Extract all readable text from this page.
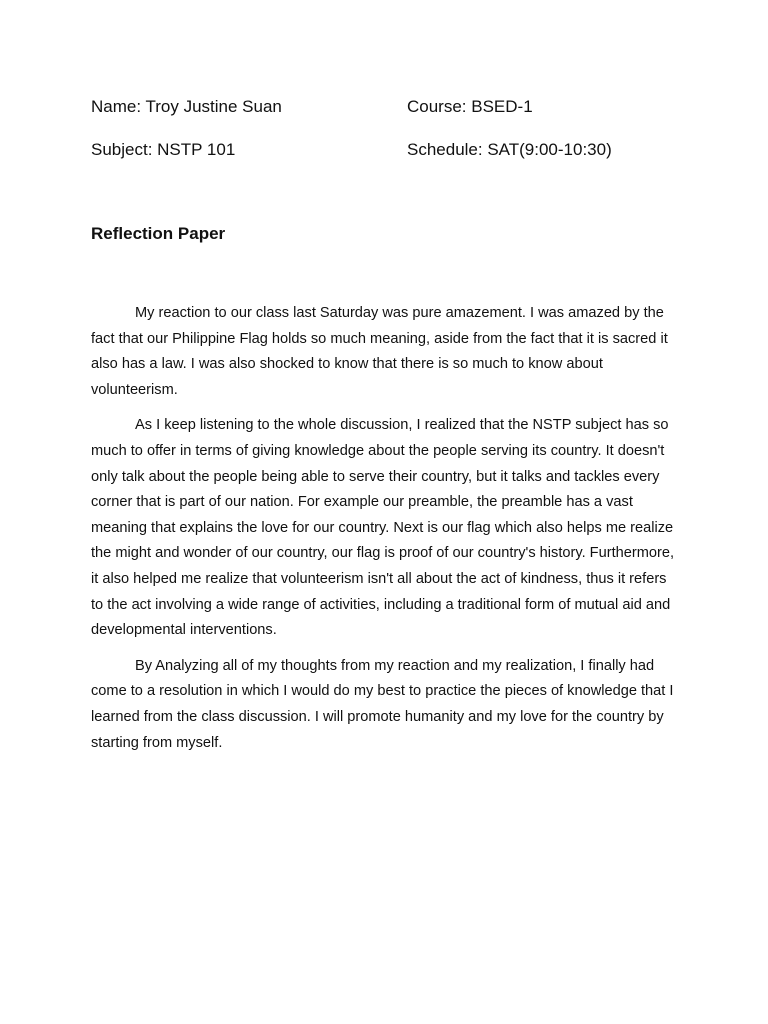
Name: Troy Justine Suan	Course: BSED-1
Subject: NSTP 101	Schedule: SAT(9:00-10:30)
Reflection Paper

My reaction to our class last Saturday was pure amazement. I was amazed by the fact that our Philippine Flag holds so much meaning, aside from the fact that it is sacred it also has a law. I was also shocked to know that there is so much to know about volunteerism.

As I keep listening to the whole discussion, I realized that the NSTP subject has so much to offer in terms of giving knowledge about the people serving its country. It doesn't only talk about the people being able to serve their country, but it talks and tackles every corner that is part of our nation. For example our preamble, the preamble has a vast meaning that explains the love for our country. Next is our flag which also helps me realize the might and wonder of our country, our flag is proof of our country's history. Furthermore, it also helped me realize that volunteerism isn't all about the act of kindness, thus it refers to the act involving a wide range of activities, including a traditional form of mutual aid and developmental interventions.

By Analyzing all of my thoughts from my reaction and my realization, I finally had come to a resolution in which I would do my best to practice the pieces of knowledge that I learned from the class discussion. I will promote humanity and my love for the country by starting from myself.
